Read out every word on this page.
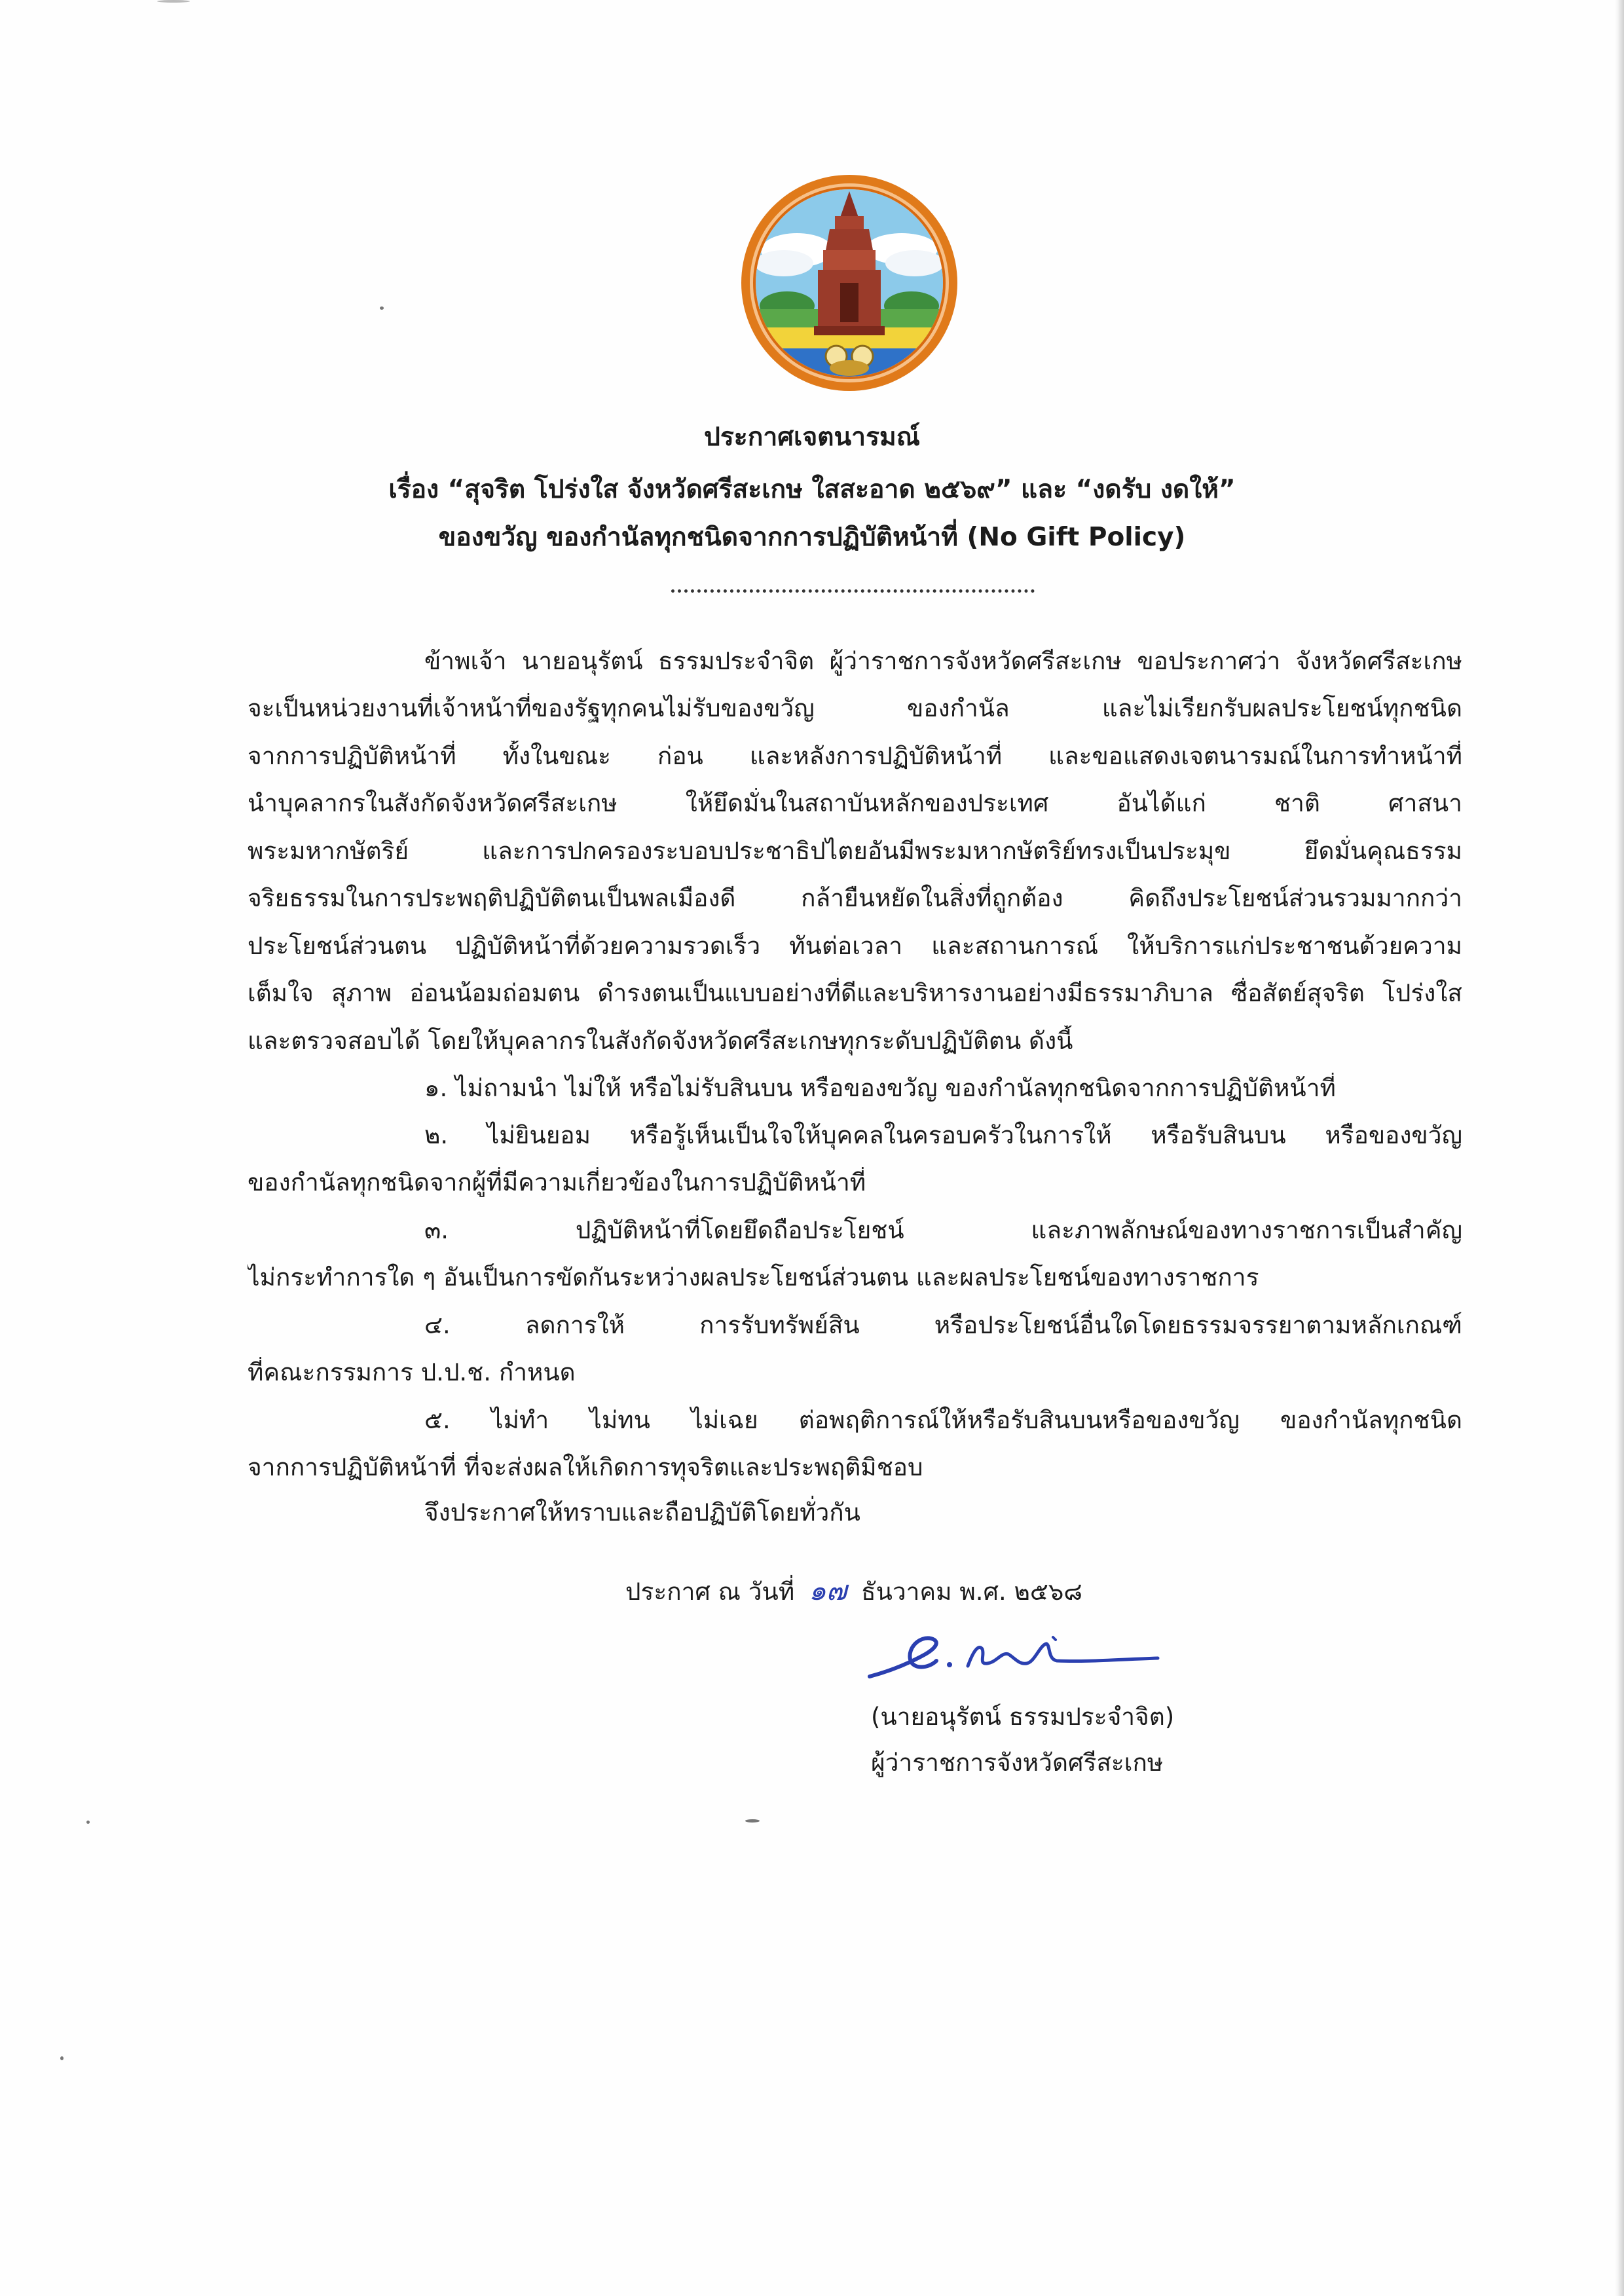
ประกาศเจตนารมณ์
เรื่อง “สุจริต โปร่งใส จังหวัดศรีสะเกษ ใสสะอาด ๒๕๖๙” และ “งดรับ งดให้”
ของขวัญ ของกำนัลทุกชนิดจากการปฏิบัติหน้าที่ (No Gift Policy)
ข้าพเจ้า นายอนุรัตน์ ธรรมประจำจิต ผู้ว่าราชการจังหวัดศรีสะเกษ ขอประกาศว่า จังหวัดศรีสะเกษ
จะเป็นหน่วยงานที่เจ้าหน้าที่ของรัฐทุกคนไม่รับของขวัญ ของกำนัล และไม่เรียกรับผลประโยชน์ทุกชนิด
จากการปฏิบัติหน้าที่ ทั้งในขณะ ก่อน และหลังการปฏิบัติหน้าที่ และขอแสดงเจตนารมณ์ในการทำหน้าที่
นำบุคลากรในสังกัดจังหวัดศรีสะเกษ ให้ยึดมั่นในสถาบันหลักของประเทศ อันได้แก่ ชาติ ศาสนา
พระมหากษัตริย์ และการปกครองระบอบประชาธิปไตยอันมีพระมหากษัตริย์ทรงเป็นประมุข ยึดมั่นคุณธรรม
จริยธรรมในการประพฤติปฏิบัติตนเป็นพลเมืองดี กล้ายืนหยัดในสิ่งที่ถูกต้อง คิดถึงประโยชน์ส่วนรวมมากกว่า
ประโยชน์ส่วนตน ปฏิบัติหน้าที่ด้วยความรวดเร็ว ทันต่อเวลา และสถานการณ์ ให้บริการแก่ประชาชนด้วยความ
เต็มใจ สุภาพ อ่อนน้อมถ่อมตน ดำรงตนเป็นแบบอย่างที่ดีและบริหารงานอย่างมีธรรมาภิบาล ซื่อสัตย์สุจริต โปร่งใส
และตรวจสอบได้ โดยให้บุคลากรในสังกัดจังหวัดศรีสะเกษทุกระดับปฏิบัติตน ดังนี้
๑. ไม่ถามนำ ไม่ให้ หรือไม่รับสินบน หรือของขวัญ ของกำนัลทุกชนิดจากการปฏิบัติหน้าที่
๒. ไม่ยินยอม หรือรู้เห็นเป็นใจให้บุคคลในครอบครัวในการให้ หรือรับสินบน หรือของขวัญ
ของกำนัลทุกชนิดจากผู้ที่มีความเกี่ยวข้องในการปฏิบัติหน้าที่
๓. ปฏิบัติหน้าที่โดยยึดถือประโยชน์ และภาพลักษณ์ของทางราชการเป็นสำคัญ
ไม่กระทำการใด ๆ อันเป็นการขัดกันระหว่างผลประโยชน์ส่วนตน และผลประโยชน์ของทางราชการ
๔. ลดการให้ การรับทรัพย์สิน หรือประโยชน์อื่นใดโดยธรรมจรรยาตามหลักเกณฑ์
ที่คณะกรรมการ ป.ป.ช. กำหนด
๕. ไม่ทำ ไม่ทน ไม่เฉย ต่อพฤติการณ์ให้หรือรับสินบนหรือของขวัญ ของกำนัลทุกชนิด
จากการปฏิบัติหน้าที่ ที่จะส่งผลให้เกิดการทุจริตและประพฤติมิชอบ
จึงประกาศให้ทราบและถือปฏิบัติโดยทั่วกัน
ประกาศ ณ วันที่ ๑๗ ธันวาคม พ.ศ. ๒๕๖๘
(นายอนุรัตน์ ธรรมประจำจิต)
ผู้ว่าราชการจังหวัดศรีสะเกษ
